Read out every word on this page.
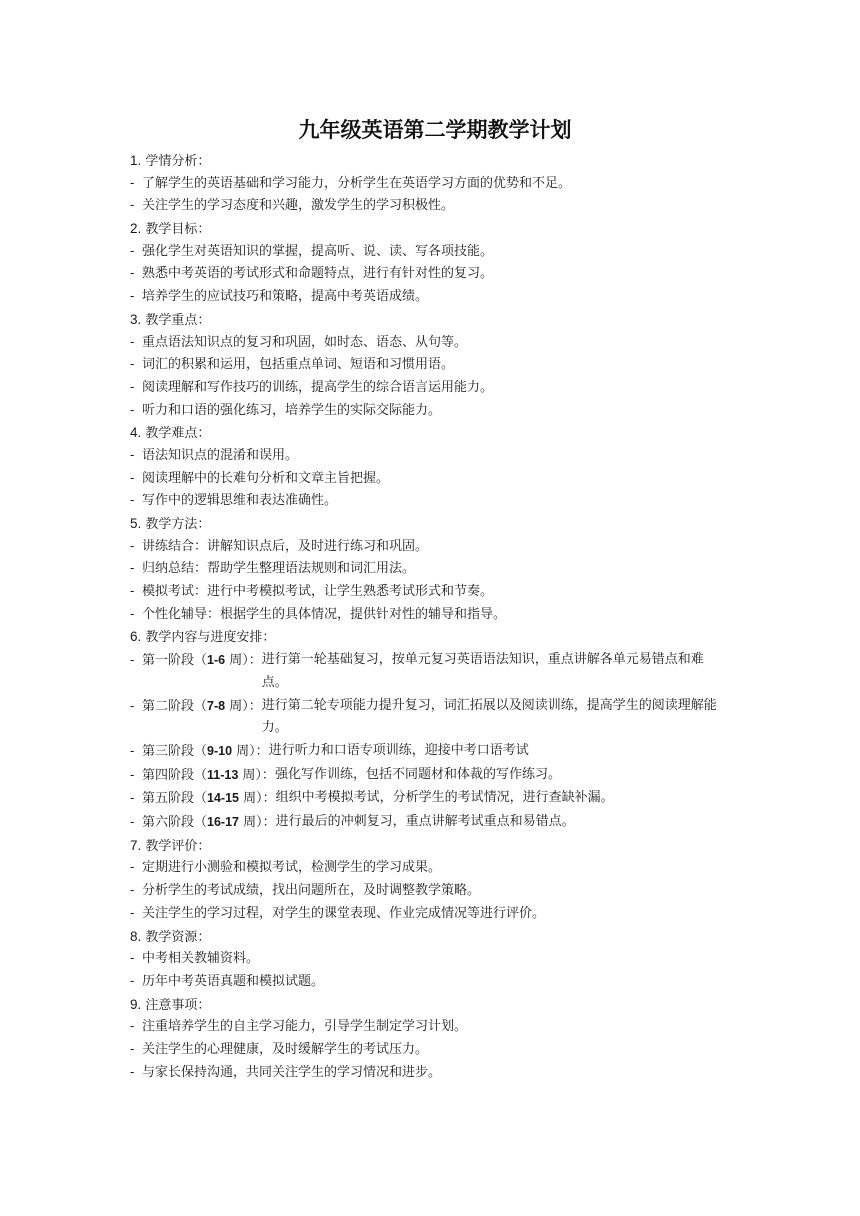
九年级英语第二学期教学计划
1. 学情分析：
- 了解学生的英语基础和学习能力，分析学生在英语学习方面的优势和不足。
- 关注学生的学习态度和兴趣，激发学生的学习积极性。
2. 教学目标：
- 强化学生对英语知识的掌握，提高听、说、读、写各项技能。
- 熟悉中考英语的考试形式和命题特点，进行有针对性的复习。
- 培养学生的应试技巧和策略，提高中考英语成绩。
3. 教学重点：
- 重点语法知识点的复习和巩固，如时态、语态、从句等。
- 词汇的积累和运用，包括重点单词、短语和习惯用语。
- 阅读理解和写作技巧的训练，提高学生的综合语言运用能力。
- 听力和口语的强化练习，培养学生的实际交际能力。
4. 教学难点：
- 语法知识点的混淆和误用。
- 阅读理解中的长难句分析和文章主旨把握。
- 写作中的逻辑思维和表达准确性。
5. 教学方法：
- 讲练结合：讲解知识点后，及时进行练习和巩固。
- 归纳总结：帮助学生整理语法规则和词汇用法。
- 模拟考试：进行中考模拟考试，让学生熟悉考试形式和节奏。
- 个性化辅导：根据学生的具体情况，提供针对性的辅导和指导。
6. 教学内容与进度安排：
- 第一阶段（1-6 周）： 进行第一轮基础复习，按单元复习英语语法知识，重点讲解各单元易错点和难点。
- 第二阶段（7-8 周）： 进行第二轮专项能力提升复习，词汇拓展以及阅读训练，提高学生的阅读理解能力。
- 第三阶段（9-10 周）： 进行听力和口语专项训练，迎接中考口语考试
- 第四阶段（11-13 周）： 强化写作训练，包括不同题材和体裁的写作练习。
- 第五阶段（14-15 周）： 组织中考模拟考试，分析学生的考试情况，进行查缺补漏。
- 第六阶段（16-17 周）： 进行最后的冲刺复习，重点讲解考试重点和易错点。
7. 教学评价：
- 定期进行小测验和模拟考试，检测学生的学习成果。
- 分析学生的考试成绩，找出问题所在，及时调整教学策略。
- 关注学生的学习过程，对学生的课堂表现、作业完成情况等进行评价。
8. 教学资源：
- 中考相关教辅资料。
- 历年中考英语真题和模拟试题。
9. 注意事项：
- 注重培养学生的自主学习能力，引导学生制定学习计划。
- 关注学生的心理健康，及时缓解学生的考试压力。
- 与家长保持沟通，共同关注学生的学习情况和进步。
